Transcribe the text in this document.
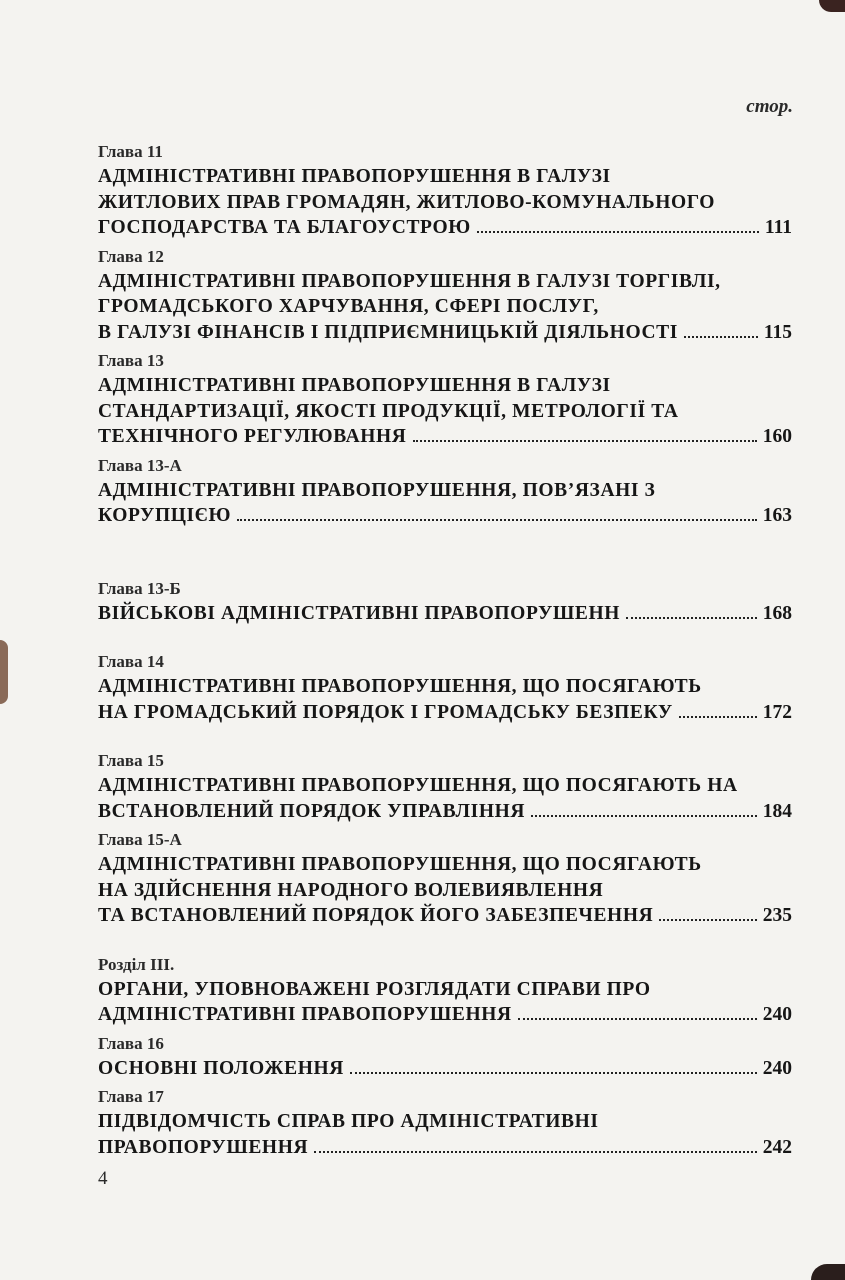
стор.
Глава 11
АДМІНІСТРАТИВНІ ПРАВОПОРУШЕННЯ В ГАЛУЗІ
ЖИТЛОВИХ ПРАВ ГРОМАДЯН, ЖИТЛОВО-КОМУНАЛЬНОГО
ГОСПОДАРСТВА ТА БЛАГОУСТРОЮ	111
Глава 12
АДМІНІСТРАТИВНІ ПРАВОПОРУШЕННЯ В ГАЛУЗІ ТОРГІВЛІ,
ГРОМАДСЬКОГО ХАРЧУВАННЯ, СФЕРІ ПОСЛУГ,
В ГАЛУЗІ ФІНАНСІВ І ПІДПРИЄМНИЦЬКІЙ ДІЯЛЬНОСТІ	115
Глава 13
АДМІНІСТРАТИВНІ ПРАВОПОРУШЕННЯ В ГАЛУЗІ
СТАНДАРТИЗАЦІЇ, ЯКОСТІ ПРОДУКЦІЇ, МЕТРОЛОГІЇ ТА
ТЕХНІЧНОГО РЕГУЛЮВАННЯ	160
Глава 13-А
АДМІНІСТРАТИВНІ ПРАВОПОРУШЕННЯ, ПОВ’ЯЗАНІ З
КОРУПЦІЄЮ	163
Глава 13-Б
ВІЙСЬКОВІ АДМІНІСТРАТИВНІ ПРАВОПОРУШЕНН	168
Глава 14
АДМІНІСТРАТИВНІ ПРАВОПОРУШЕННЯ, ЩО ПОСЯГАЮТЬ
НА ГРОМАДСЬКИЙ ПОРЯДОК І ГРОМАДСЬКУ БЕЗПЕКУ	172
Глава 15
АДМІНІСТРАТИВНІ ПРАВОПОРУШЕННЯ, ЩО ПОСЯГАЮТЬ НА
ВСТАНОВЛЕНИЙ ПОРЯДОК УПРАВЛІННЯ	184
Глава 15-А
АДМІНІСТРАТИВНІ ПРАВОПОРУШЕННЯ, ЩО ПОСЯГАЮТЬ
НА ЗДІЙСНЕННЯ НАРОДНОГО ВОЛЕВИЯВЛЕННЯ
ТА ВСТАНОВЛЕНИЙ ПОРЯДОК ЙОГО ЗАБЕЗПЕЧЕННЯ	235
Розділ III.
ОРГАНИ, УПОВНОВАЖЕНІ РОЗГЛЯДАТИ СПРАВИ ПРО
АДМІНІСТРАТИВНІ ПРАВОПОРУШЕННЯ	240
Глава 16
ОСНОВНІ ПОЛОЖЕННЯ	240
Глава 17
ПІДВІДОМЧІСТЬ СПРАВ ПРО АДМІНІСТРАТИВНІ
ПРАВОПОРУШЕННЯ	242
4
